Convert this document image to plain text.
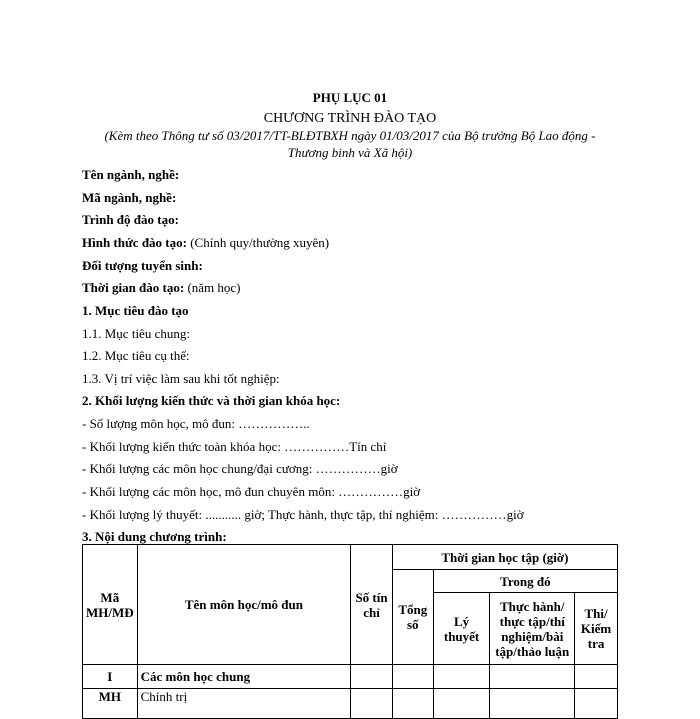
PHỤ LỤC 01
CHƯƠNG TRÌNH ĐÀO TẠO
(Kèm theo Thông tư số 03/2017/TT-BLĐTBXH ngày 01/03/2017 của Bộ trưởng Bộ Lao động -
Thương binh và Xã hội)
Tên ngành, nghề:
Mã ngành, nghề:
Trình độ đào tạo:
Hình thức đào tạo: (Chính quy/thường xuyên)
Đối tượng tuyển sinh:
Thời gian đào tạo: (năm học)
1. Mục tiêu đào tạo
1.1. Mục tiêu chung:
1.2. Mục tiêu cụ thể:
1.3. Vị trí việc làm sau khi tốt nghiệp:
2. Khối lượng kiến thức và thời gian khóa học:
- Số lượng môn học, mô đun: ……………..
- Khối lượng kiến thức toàn khóa học: ……………Tín chỉ
- Khối lượng các môn học chung/đại cương: ……………giờ
- Khối lượng các môn học, mô đun chuyên môn: ……………giờ
- Khối lượng lý thuyết: ........... giờ; Thực hành, thực tập, thí nghiệm: ……………giờ
3. Nội dung chương trình:
Mã MH/MĐ	Tên môn học/mô đun	Số tín chỉ	Thời gian học tập (giờ)			
			Tổng số	Trong đó		
				Lý thuyết	Thực hành/ thực tập/thí nghiệm/bài tập/thảo luận	Thi/ Kiếm tra
I	Các môn học chung					
MH	Chính trị					
